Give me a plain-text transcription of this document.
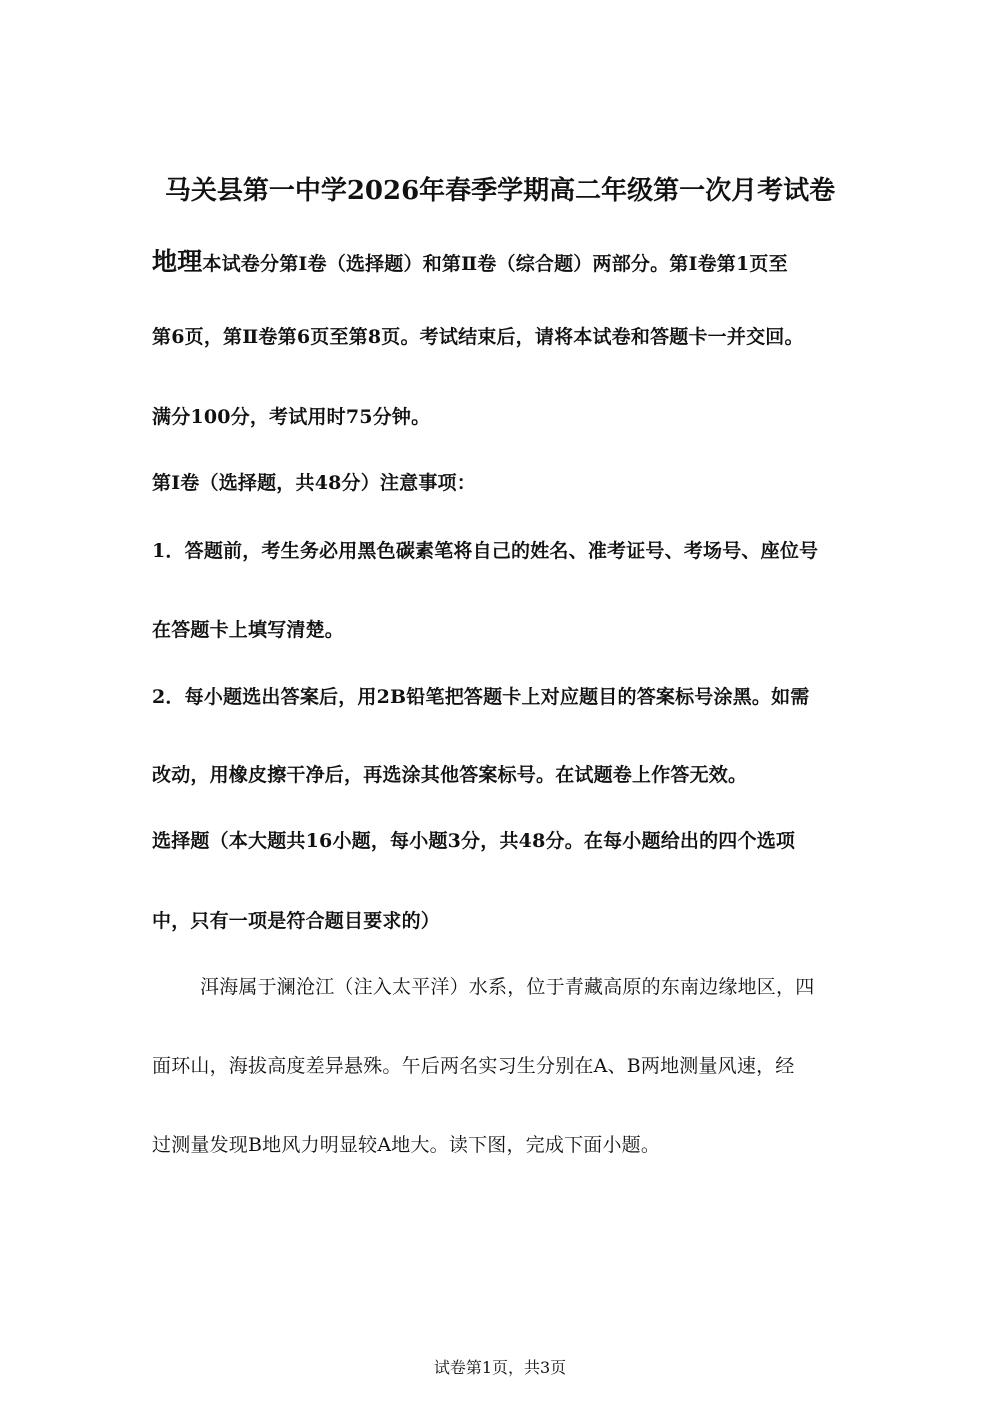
马关县第一中学2026年春季学期高二年级第一次月考试卷
地理本试卷分第Ⅰ卷（选择题）和第Ⅱ卷（综合题）两部分。第Ⅰ卷第1页至
第6页，第Ⅱ卷第6页至第8页。考试结束后，请将本试卷和答题卡一并交回。
满分100分，考试用时75分钟。
第Ⅰ卷（选择题，共48分）注意事项：
1．答题前，考生务必用黑色碳素笔将自己的姓名、准考证号、考场号、座位号
在答题卡上填写清楚。
2．每小题选出答案后，用2B铅笔把答题卡上对应题目的答案标号涂黑。如需
改动，用橡皮擦干净后，再选涂其他答案标号。在试题卷上作答无效。
选择题（本大题共16小题，每小题3分，共48分。在每小题给出的四个选项
中，只有一项是符合题目要求的）
洱海属于澜沧江（注入太平洋）水系，位于青藏高原的东南边缘地区，四
面环山，海拔高度差异悬殊。午后两名实习生分别在A、B两地测量风速，经
过测量发现B地风力明显较A地大。读下图，完成下面小题。
试卷第1页，共3页
